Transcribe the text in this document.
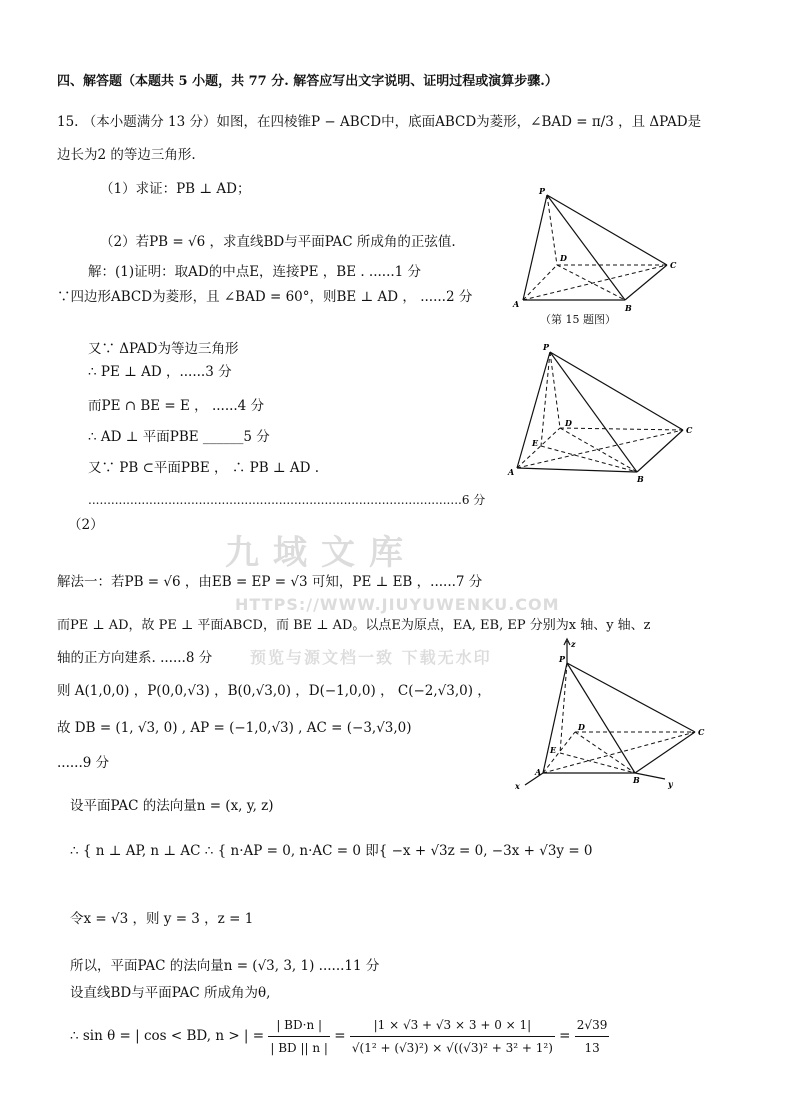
九域文库
HTTPS://WWW.JIUYUWENKU.COM
预览与源文档一致 下载无水印
四、解答题（本题共 5 小题，共 77 分. 解答应写出文字说明、证明过程或演算步骤.）
15. （本小题满分 13 分）如图，在四棱锥P − ABCD中，底面ABCD为菱形，∠BAD = π/3 ，且 ΔPAD是
边长为2 的等边三角形.
（1）求证：PB ⊥ AD；
（2）若PB = √6 ，求直线BD与平面PAC 所成角的正弦值.
解：(1)证明：取AD的中点E，连接PE ，BE . ......1 分
∵四边形ABCD为菱形，且 ∠BAD = 60°，则BE ⊥ AD ， ......2 分
又∵ ΔPAD为等边三角形
∴ PE ⊥ AD ，......3 分
而PE ∩ BE = E ， ......4 分
∴ AD ⊥ 平面PBE ______5 分
又∵ PB ⊂平面PBE ， ∴ PB ⊥ AD .
..................................................................................................6 分
（2）
解法一：若PB = √6 ，由EB = EP = √3 可知，PE ⊥ EB ，......7 分
而PE ⊥ AD，故 PE ⊥ 平面ABCD，而 BE ⊥ AD。以点E为原点，EA, EB, EP 分别为x 轴、y 轴、z
轴的正方向建系. ......8 分
则 A(1,0,0) ，P(0,0,√3) ，B(0,√3,0) ，D(−1,0,0) ， C(−2,√3,0) ，
故 DB = (1, √3, 0) , AP = (−1,0,√3) , AC = (−3,√3,0)
......9 分
设平面PAC 的法向量n = (x, y, z)
∴ { n ⊥ AP, n ⊥ AC ∴ { n·AP = 0, n·AC = 0 即{ −x + √3z = 0, −3x + √3y = 0
令x = √3 ，则 y = 3 ，z = 1
所以，平面PAC 的法向量n = (√3, 3, 1) ......11 分
设直线BD与平面PAC 所成角为θ,
∴ sin θ = | cos < BD, n > | = $\frac{| BD\cdot n |}{| BD || n |} = \frac{|1 \times √3 + √3 \times 3 + 0 \times 1|}{\text{√(1² + (√3)²) × √((√3)² + 3² + 1²)}} = \frac{2√39}{13}$
P
A	B
C
D
（第 15 题图）
P
A
B
C
D
E
z
P
A
B
C
D
E
x	y
